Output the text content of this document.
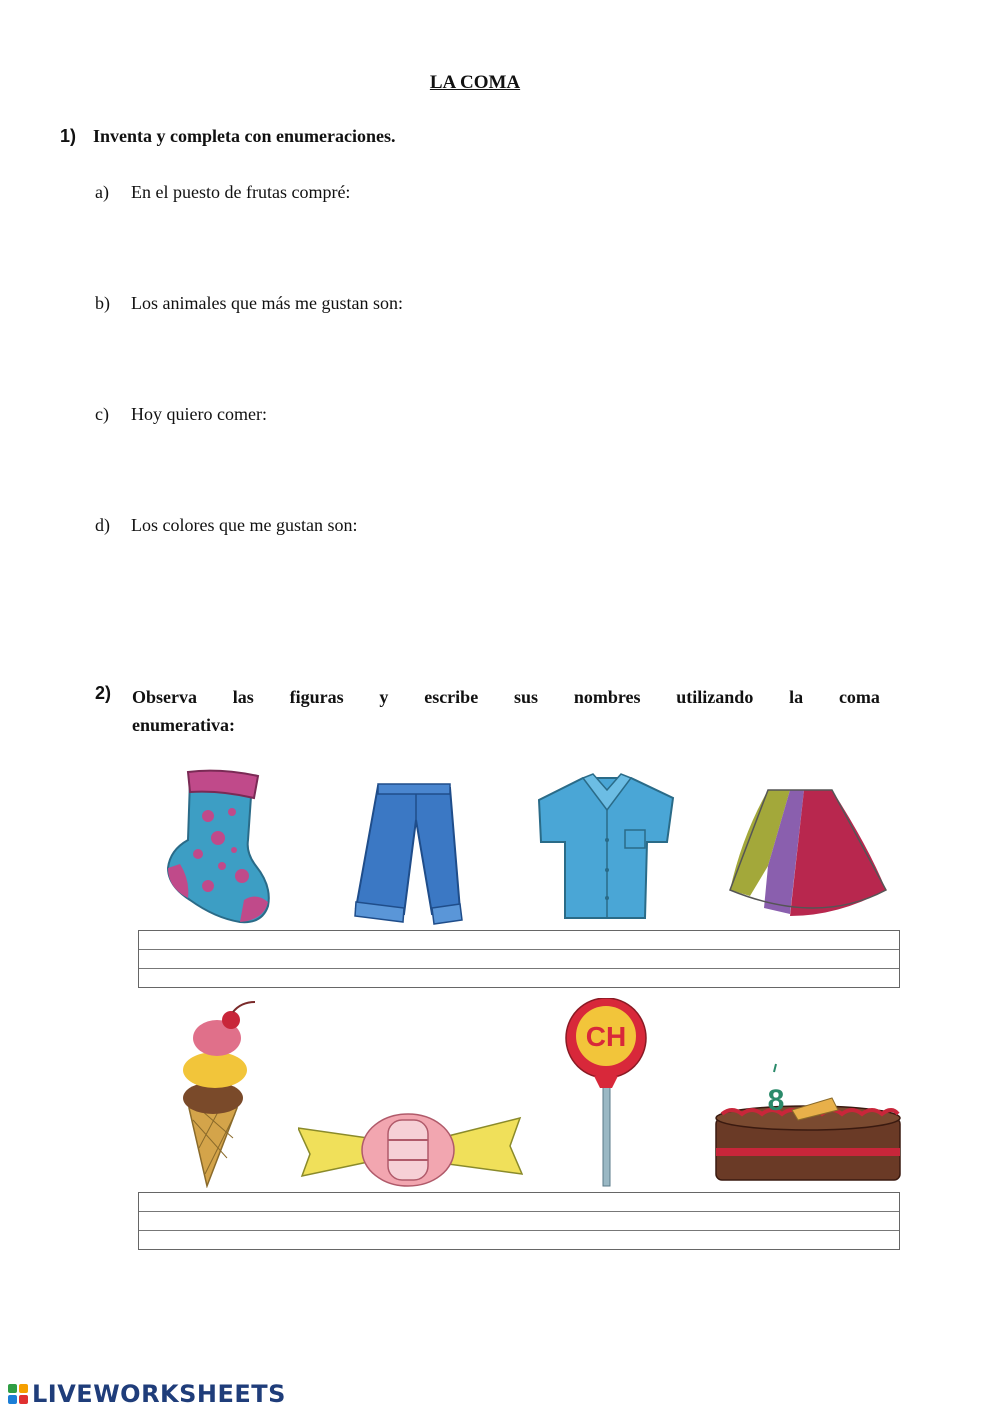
LA COMA
1) Inventa y completa con enumeraciones.
a) En el puesto de frutas compré:
b) Los animales que más me gustan son:
c) Hoy quiero comer:
d) Los colores que me gustan son:
2) Observa las figuras y escribe sus nombres utilizando la coma
enumerativa:
CH
8
LIVEWORKSHEETS
